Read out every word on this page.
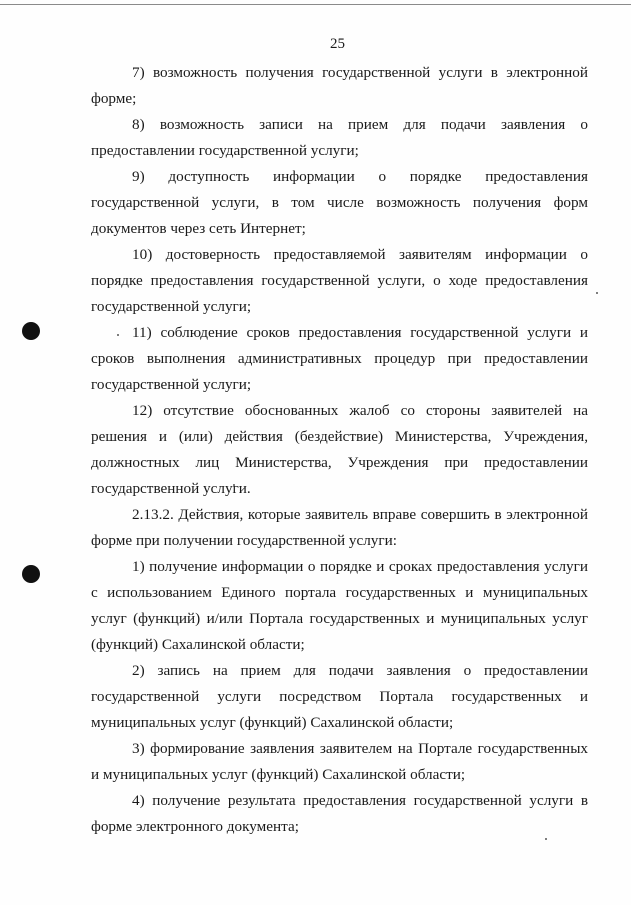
25

7) возможность получения государственной услуги в электронной форме;

8) возможность записи на прием для подачи заявления о предоставлении государственной услуги;

9) доступность информации о порядке предоставления государственной услуги, в том числе возможность получения форм документов через сеть Интернет;

10) достоверность предоставляемой заявителям информации о порядке предоставления государственной услуги, о ходе предоставления государственной услуги;

11) соблюдение сроков предоставления государственной услуги и сроков выполнения административных процедур при предоставлении государственной услуги;

12) отсутствие обоснованных жалоб со стороны заявителей на решения и (или) действия (бездействие) Министерства, Учреждения, должностных лиц Министерства, Учреждения при предоставлении государственной услуги.

2.13.2. Действия, которые заявитель вправе совершить в электронной форме при получении государственной услуги:

1) получение информации о порядке и сроках предоставления услуги с использованием Единого портала государственных и муниципальных услуг (функций) и/или Портала государственных и муниципальных услуг (функций) Сахалинской области;

2) запись на прием для подачи заявления о предоставлении государственной услуги посредством Портала государственных и муниципальных услуг (функций) Сахалинской области;

3) формирование заявления заявителем на Портале государственных и муниципальных услуг (функций) Сахалинской области;

4) получение результата предоставления государственной услуги в форме электронного документа;
